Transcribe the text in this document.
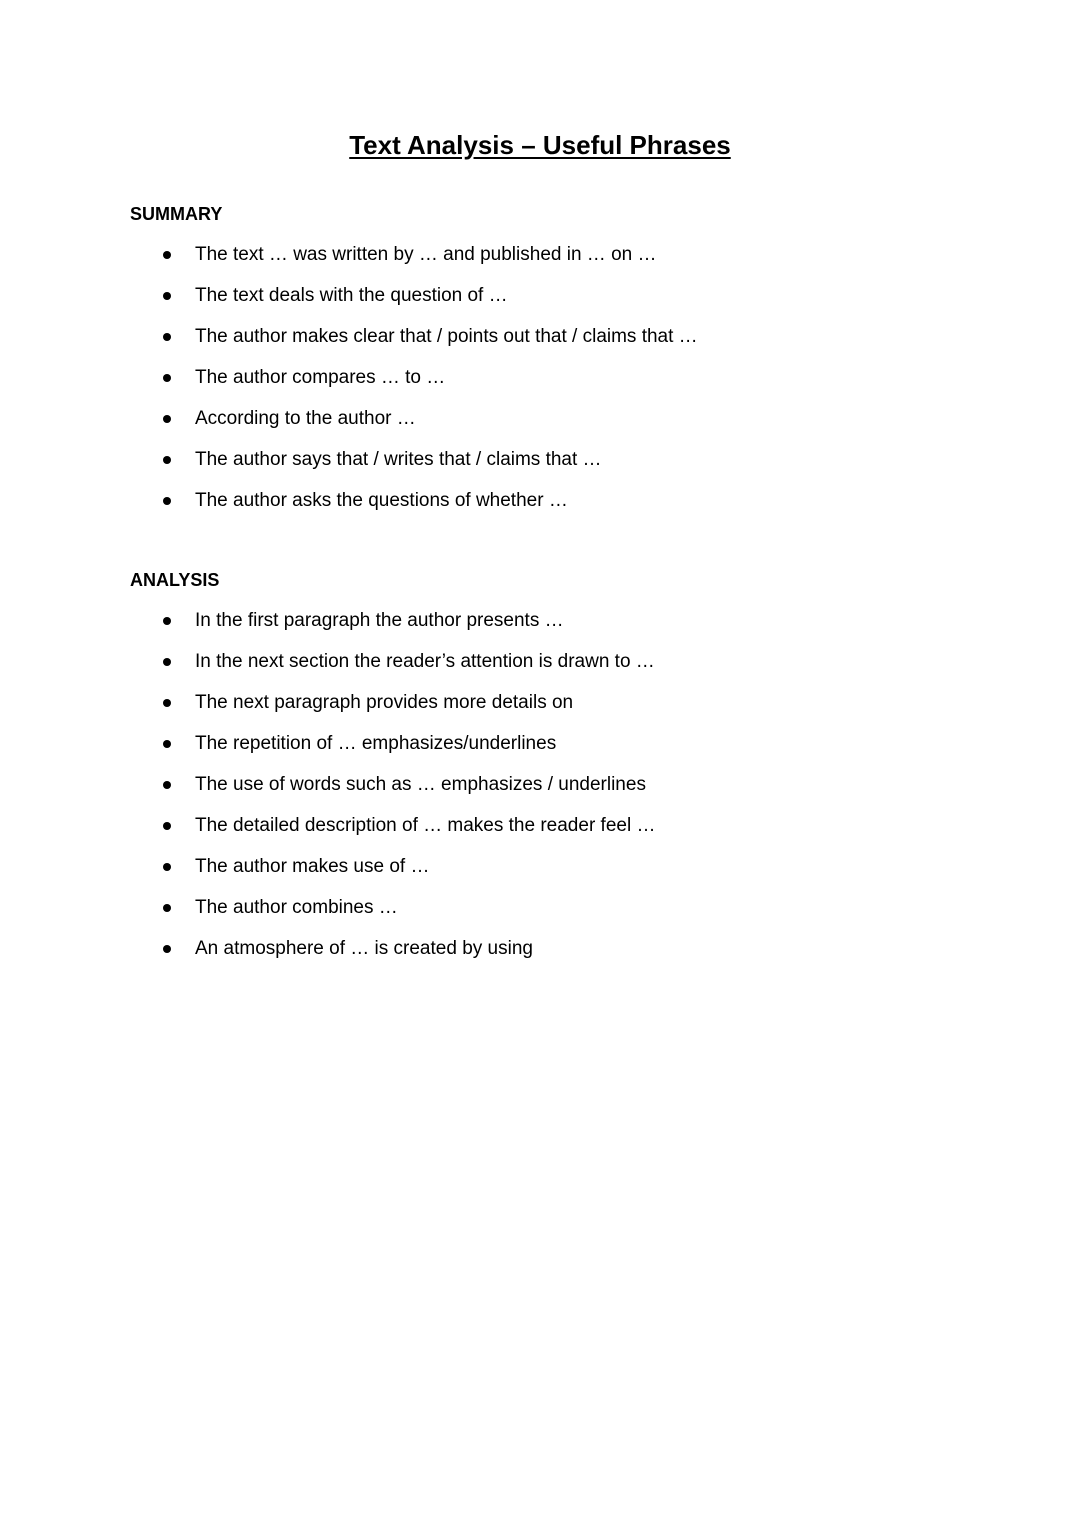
Text Analysis – Useful Phrases
SUMMARY
The text … was written by … and published in … on …
The text deals with the question of …
The author makes clear that / points out that / claims that …
The author compares … to …
According to the author …
The author says that / writes that / claims that …
The author asks the questions of whether …
ANALYSIS
In the first paragraph the author presents …
In the next section the reader’s attention is drawn to …
The next paragraph provides more details on
The repetition of … emphasizes/underlines
The use of words such as … emphasizes / underlines
The detailed description of … makes the reader feel …
The author makes use of …
The author combines …
An atmosphere of … is created by using
